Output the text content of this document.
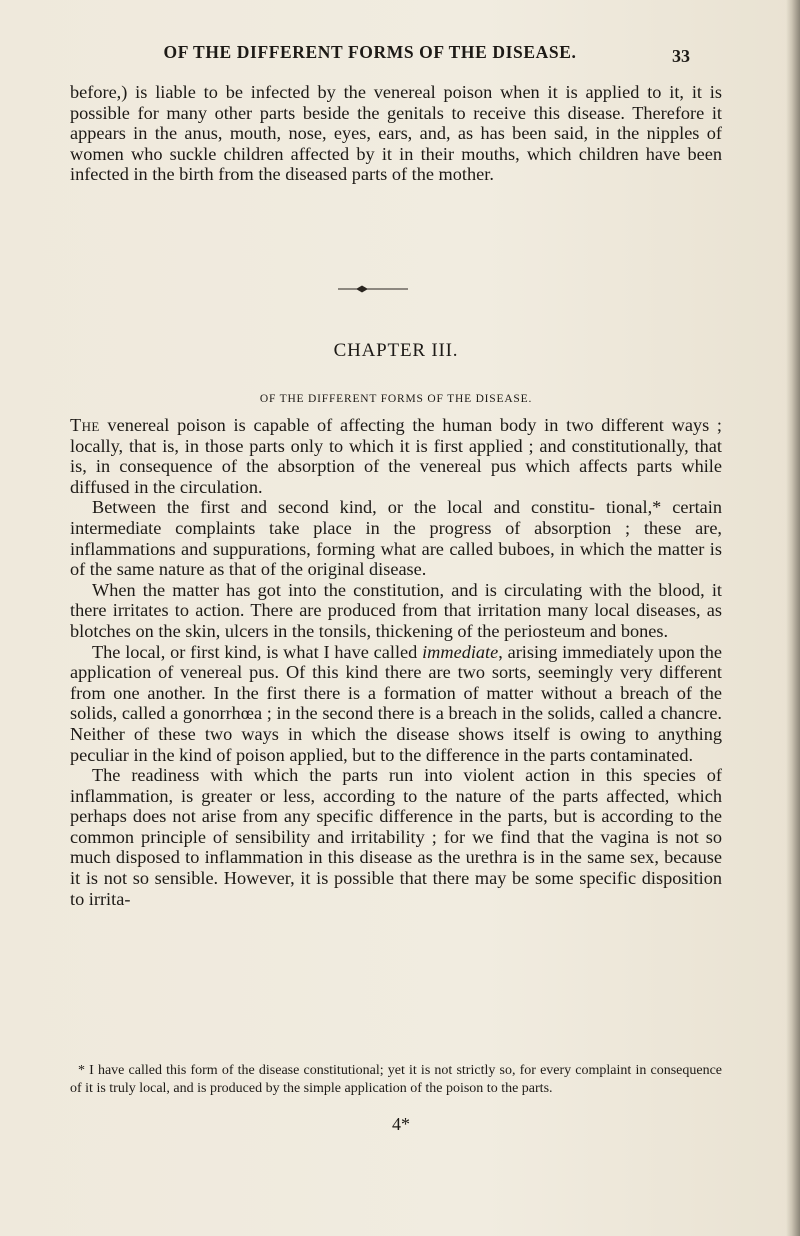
OF THE DIFFERENT FORMS OF THE DISEASE.	33
before,) is liable to be infected by the venereal poison when it is applied to it, it is possible for many other parts beside the genitals to receive this disease. Therefore it appears in the anus, mouth, nose, eyes, ears, and, as has been said, in the nipples of women who suckle children affected by it in their mouths, which children have been infected in the birth from the diseased parts of the mother.
CHAPTER III.
OF THE DIFFERENT FORMS OF THE DISEASE.

The venereal poison is capable of affecting the human body in two different ways ; locally, that is, in those parts only to which it is first applied ; and constitutionally, that is, in consequence of the absorption of the venereal pus which affects parts while diffused in the circulation.

Between the first and second kind, or the local and constitu- tional,* certain intermediate complaints take place in the progress of absorption ; these are, inflammations and suppurations, forming what are called buboes, in which the matter is of the same nature as that of the original disease.

When the matter has got into the constitution, and is circulating with the blood, it there irritates to action. There are produced from that irritation many local diseases, as blotches on the skin, ulcers in the tonsils, thickening of the periosteum and bones.

The local, or first kind, is what I have called immediate, arising immediately upon the application of venereal pus. Of this kind there are two sorts, seemingly very different from one another. In the first there is a formation of matter without a breach of the solids, called a gonorrhœa ; in the second there is a breach in the solids, called a chancre. Neither of these two ways in which the disease shows itself is owing to anything peculiar in the kind of poison applied, but to the difference in the parts contaminated.

The readiness with which the parts run into violent action in this species of inflammation, is greater or less, according to the nature of the parts affected, which perhaps does not arise from any specific difference in the parts, but is according to the common principle of sensibility and irritability ; for we find that the vagina is not so much disposed to inflammation in this disease as the urethra is in the same sex, because it is not so sensible. However, it is possible that there may be some specific disposition to irrita-

* I have called this form of the disease constitutional; yet it is not strictly so, for every complaint in consequence of it is truly local, and is produced by the simple application of the poison to the parts.

4*
